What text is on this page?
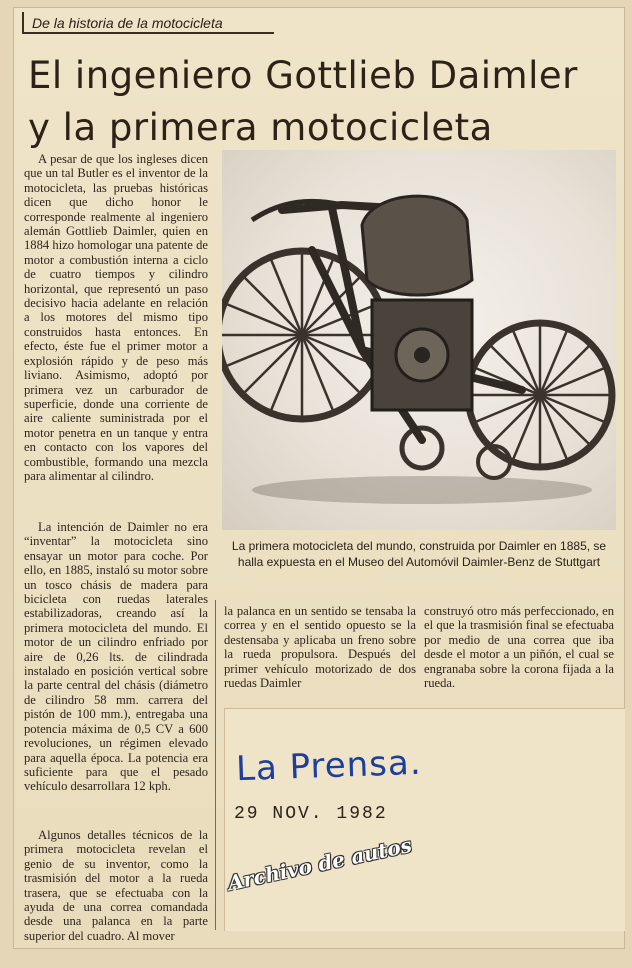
De la historia de la motocicleta
El ingeniero Gottlieb Daimler
y la primera motocicleta

A pesar de que los ingleses dicen que un tal Butler es el inventor de la motocicleta, las pruebas históricas dicen que dicho honor le corresponde realmente al ingeniero alemán Gottlieb Daimler, quien en 1884 hizo homologar una patente de motor a combustión interna a ciclo de cuatro tiempos y cilindro horizontal, que representó un paso decisivo hacia adelante en relación a los motores del mismo tipo construidos hasta entonces. En efecto, éste fue el primer motor a explosión rápido y de peso más liviano. Asimismo, adoptó por primera vez un carburador de superficie, donde una corriente de aire caliente suministrada por el motor penetra en un tanque y entra en contacto con los vapores del combustible, formando una mezcla para alimentar al cilindro.

La intención de Daimler no era “inventar” la motocicleta sino ensayar un motor para coche. Por ello, en 1885, instaló su motor sobre un tosco chásis de madera para bicicleta con ruedas laterales estabilizadoras, creando así la primera motocicleta del mundo. El motor de un cilindro enfriado por aire de 0,26 lts. de cilindrada instalado en posición vertical sobre la parte central del chásis (diámetro de cilindro 58 mm. carrera del pistón de 100 mm.), entregaba una potencia máxima de 0,5 CV a 600 revoluciones, un régimen elevado para aquella época. La potencia era suficiente para que el pesado vehículo desarrollara 12 kph.

Algunos detalles técnicos de la primera motocicleta revelan el genio de su inventor, como la trasmisión del motor a la rueda trasera, que se efectuaba con la ayuda de una correa comandada desde una palanca en la parte superior del cuadro. Al mover

La primera motocicleta del mundo, construida por Daimler en 1885, se halla expuesta en el Museo del Automóvil Daimler-Benz de Stuttgart

la palanca en un sentido se tensaba la correa y en el sentido opuesto se la destensaba y aplicaba un freno sobre la rueda propulsora. Después del primer vehículo motorizado de dos ruedas Daimler

construyó otro más perfeccionado, en el que la trasmisión final se efectuaba por medio de una correa que iba desde el motor a un piñón, el cual se engranaba sobre la corona fijada a la rueda.

La Prensa.
29 NOV. 1982
Archivo de autos
